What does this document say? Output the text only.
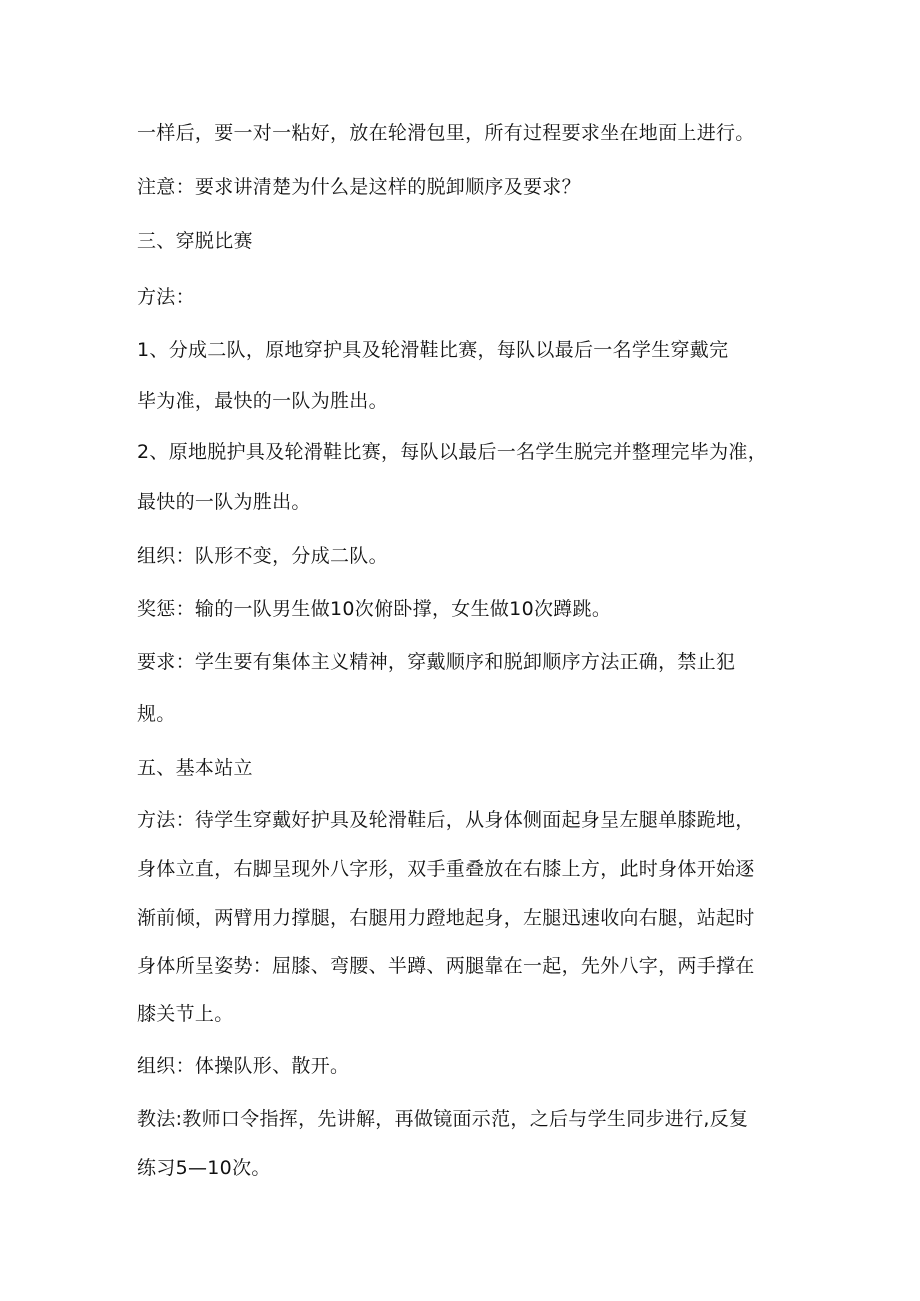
一样后，要一对一粘好，放在轮滑包里，所有过程要求坐在地面上进行。
注意：要求讲清楚为什么是这样的脱卸顺序及要求？
三、穿脱比赛
方法：
1、分成二队，原地穿护具及轮滑鞋比赛，每队以最后一名学生穿戴完
毕为准，最快的一队为胜出。
2、原地脱护具及轮滑鞋比赛，每队以最后一名学生脱完并整理完毕为准，
最快的一队为胜出。
组织：队形不变，分成二队。
奖惩：输的一队男生做10次俯卧撑，女生做10次蹲跳。
要求：学生要有集体主义精神，穿戴顺序和脱卸顺序方法正确，禁止犯
规。
五、基本站立
方法：待学生穿戴好护具及轮滑鞋后，从身体侧面起身呈左腿单膝跪地，
身体立直，右脚呈现外八字形，双手重叠放在右膝上方，此时身体开始逐
渐前倾，两臂用力撑腿，右腿用力蹬地起身，左腿迅速收向右腿，站起时
身体所呈姿势：屈膝、弯腰、半蹲、两腿靠在一起，先外八字，两手撑在
膝关节上。
组织：体操队形、散开。
教法:教师口令指挥，先讲解，再做镜面示范，之后与学生同步进行,反复
练习5—10次。
